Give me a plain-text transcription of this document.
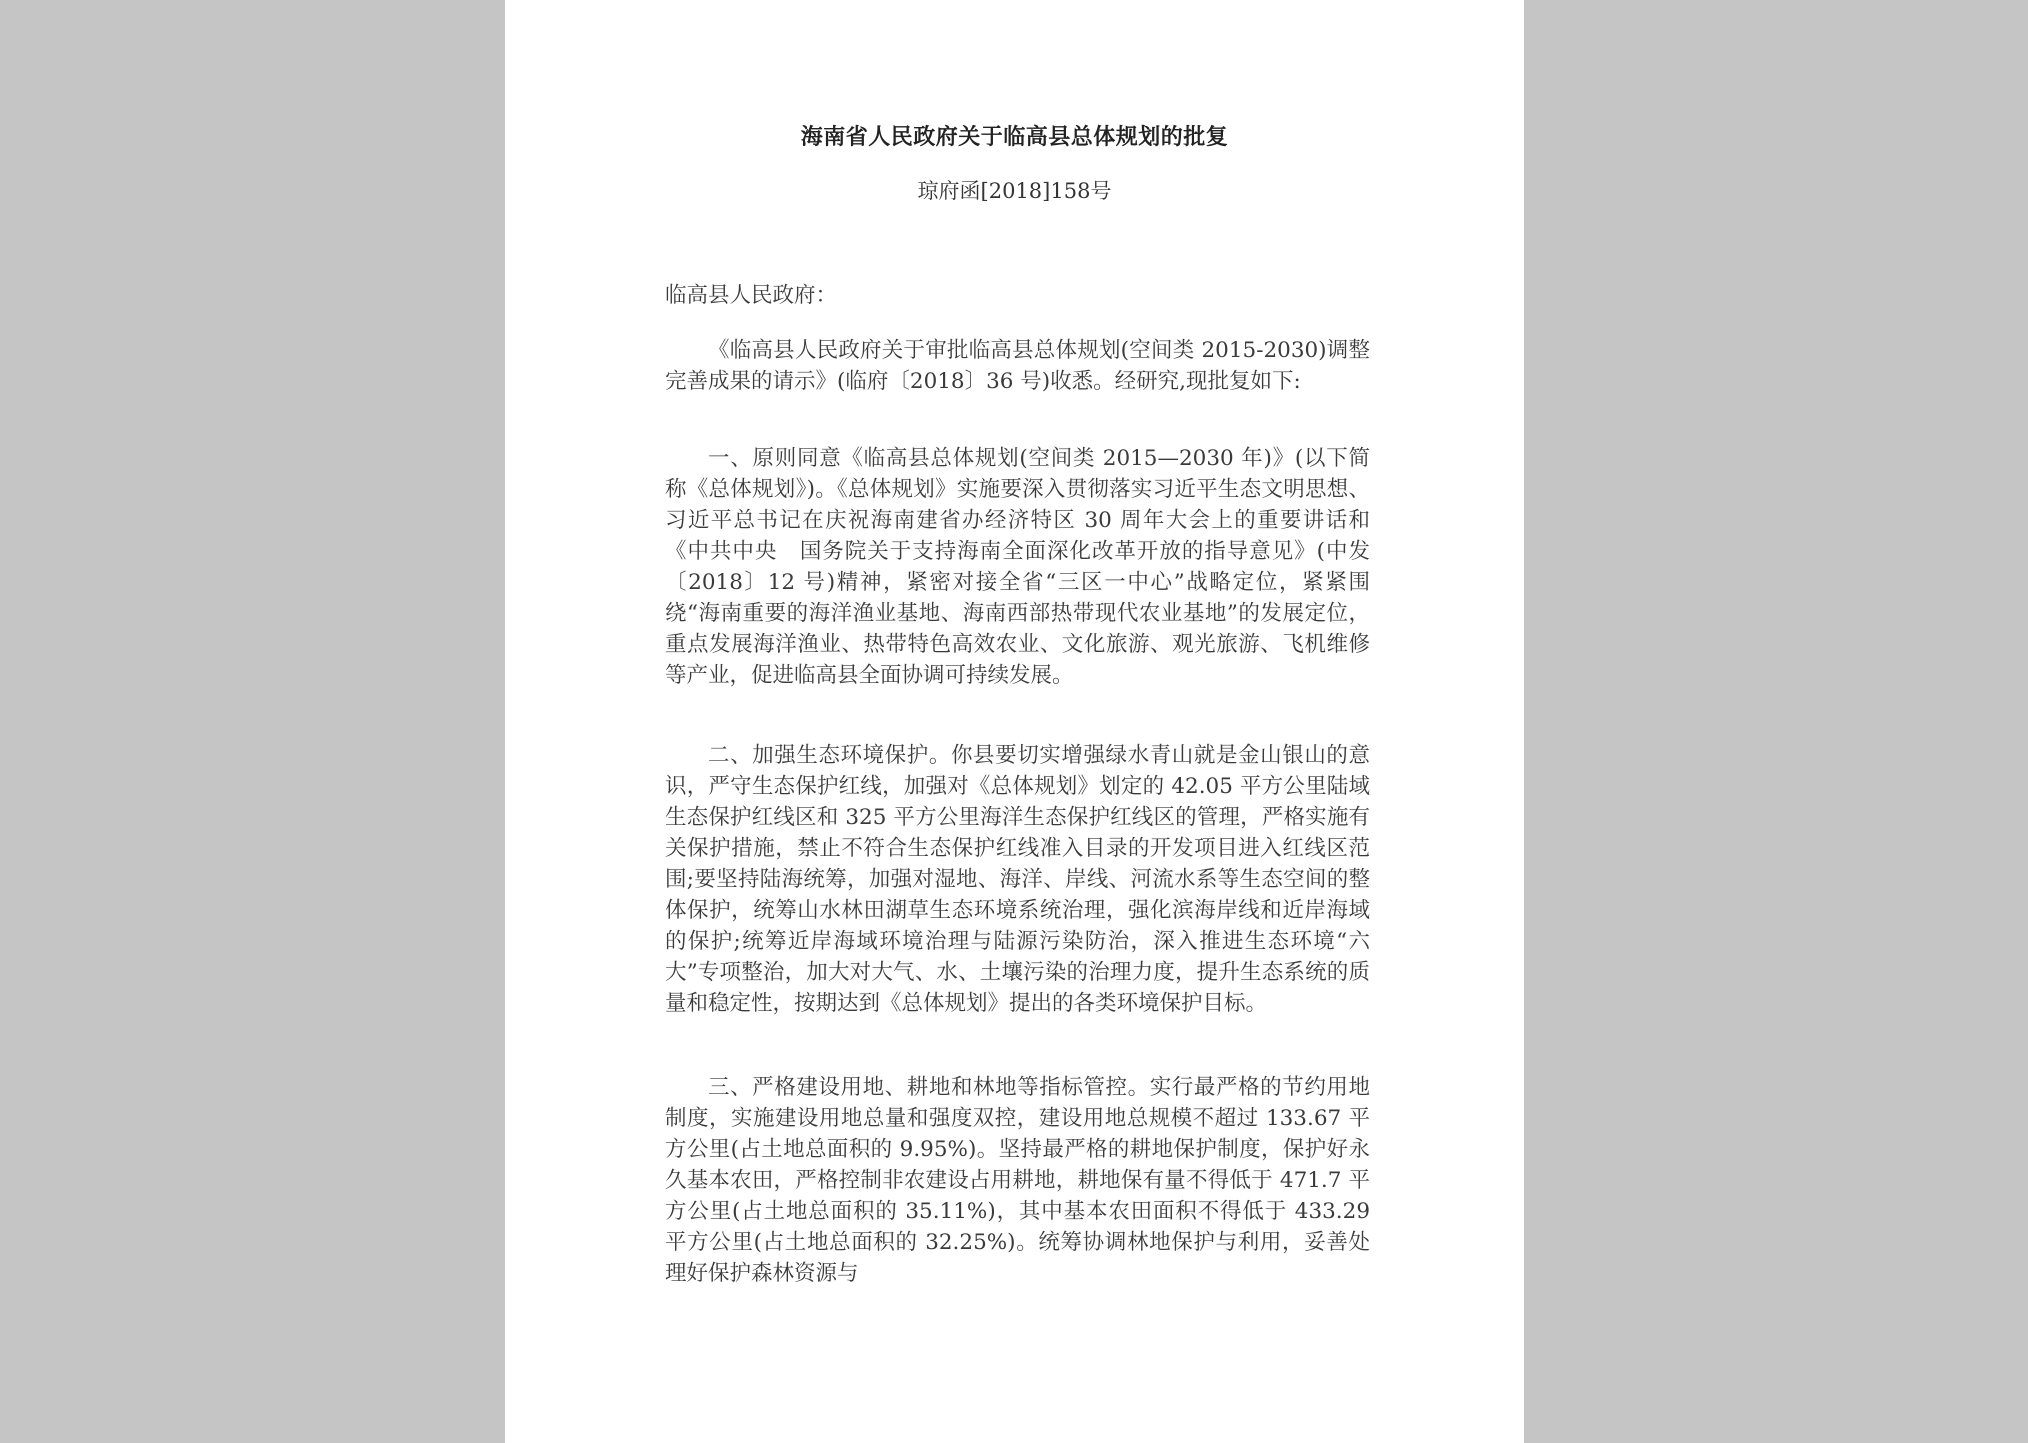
海南省人民政府关于临高县总体规划的批复
琼府函[2018]158号

临高县人民政府：

《临高县人民政府关于审批临高县总体规划(空间类 2015-2030)调整完善成果的请示》(临府〔2018〕36 号)收悉。经研究,现批复如下:

一、原则同意《临高县总体规划(空间类 2015—2030 年)》(以下简称《总体规划》)。《总体规划》实施要深入贯彻落实习近平生态文明思想、习近平总书记在庆祝海南建省办经济特区 30 周年大会上的重要讲话和《中共中央　国务院关于支持海南全面深化改革开放的指导意见》(中发〔2018〕12 号)精神，紧密对接全省“三区一中心”战略定位，紧紧围绕“海南重要的海洋渔业基地、海南西部热带现代农业基地”的发展定位，重点发展海洋渔业、热带特色高效农业、文化旅游、观光旅游、飞机维修等产业，促进临高县全面协调可持续发展。

二、加强生态环境保护。你县要切实增强绿水青山就是金山银山的意识，严守生态保护红线，加强对《总体规划》划定的 42.05 平方公里陆域生态保护红线区和 325 平方公里海洋生态保护红线区的管理，严格实施有关保护措施，禁止不符合生态保护红线准入目录的开发项目进入红线区范围;要坚持陆海统筹，加强对湿地、海洋、岸线、河流水系等生态空间的整体保护，统筹山水林田湖草生态环境系统治理，强化滨海岸线和近岸海域的保护;统筹近岸海域环境治理与陆源污染防治，深入推进生态环境“六大”专项整治，加大对大气、水、土壤污染的治理力度，提升生态系统的质量和稳定性，按期达到《总体规划》提出的各类环境保护目标。

三、严格建设用地、耕地和林地等指标管控。实行最严格的节约用地制度，实施建设用地总量和强度双控，建设用地总规模不超过 133.67 平方公里(占土地总面积的 9.95%)。坚持最严格的耕地保护制度，保护好永久基本农田，严格控制非农建设占用耕地，耕地保有量不得低于 471.7 平方公里(占土地总面积的 35.11%)，其中基本农田面积不得低于 433.29 平方公里(占土地总面积的 32.25%)。统筹协调林地保护与利用，妥善处理好保护森林资源与
